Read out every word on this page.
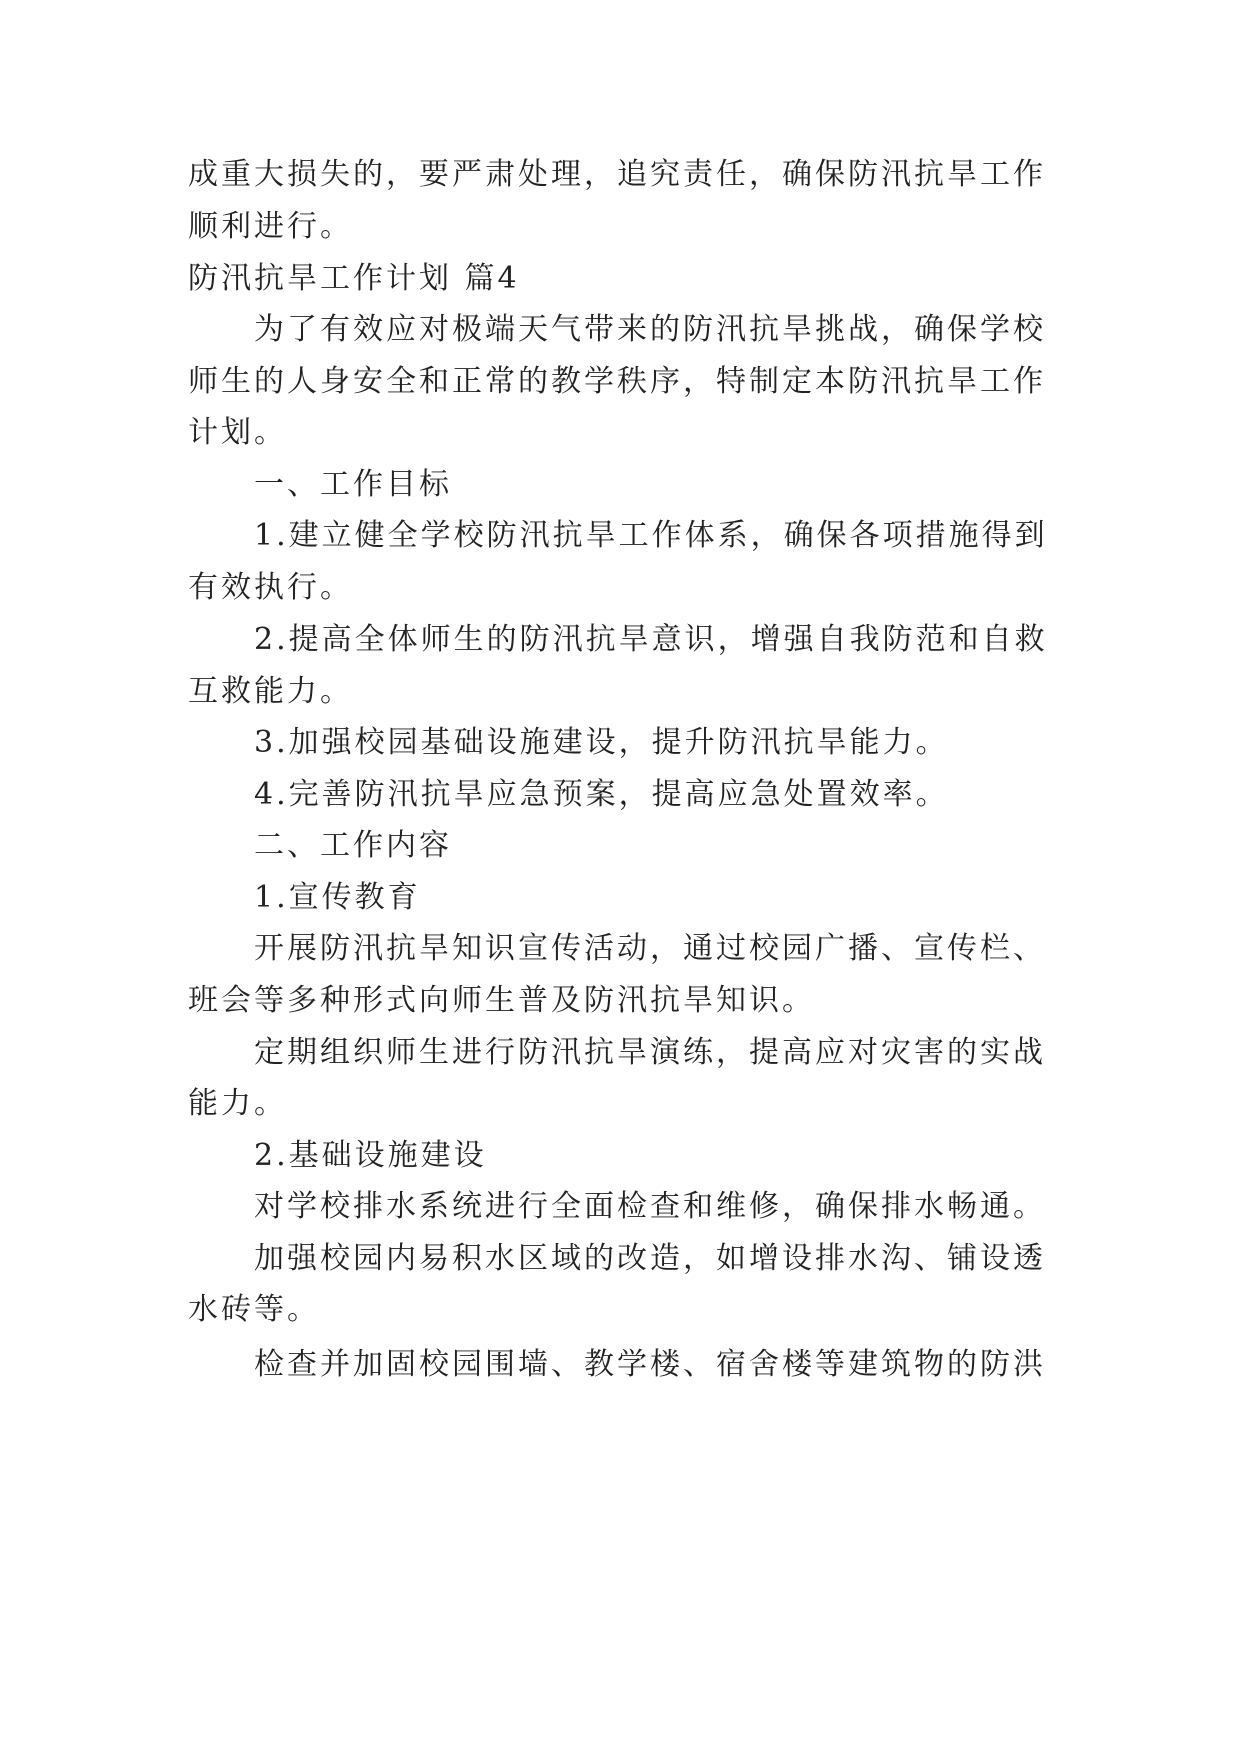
成重大损失的，要严肃处理，追究责任，确保防汛抗旱工作
顺利进行。
防汛抗旱工作计划 篇4
为了有效应对极端天气带来的防汛抗旱挑战，确保学校
师生的人身安全和正常的教学秩序，特制定本防汛抗旱工作
计划。
一、工作目标
1.建立健全学校防汛抗旱工作体系，确保各项措施得到
有效执行。
2.提高全体师生的防汛抗旱意识，增强自我防范和自救
互救能力。
3.加强校园基础设施建设，提升防汛抗旱能力。
4.完善防汛抗旱应急预案，提高应急处置效率。
二、工作内容
1.宣传教育
开展防汛抗旱知识宣传活动，通过校园广播、宣传栏、
班会等多种形式向师生普及防汛抗旱知识。
定期组织师生进行防汛抗旱演练，提高应对灾害的实战
能力。
2.基础设施建设
对学校排水系统进行全面检查和维修，确保排水畅通。
加强校园内易积水区域的改造，如增设排水沟、铺设透
水砖等。
检查并加固校园围墙、教学楼、宿舍楼等建筑物的防洪
